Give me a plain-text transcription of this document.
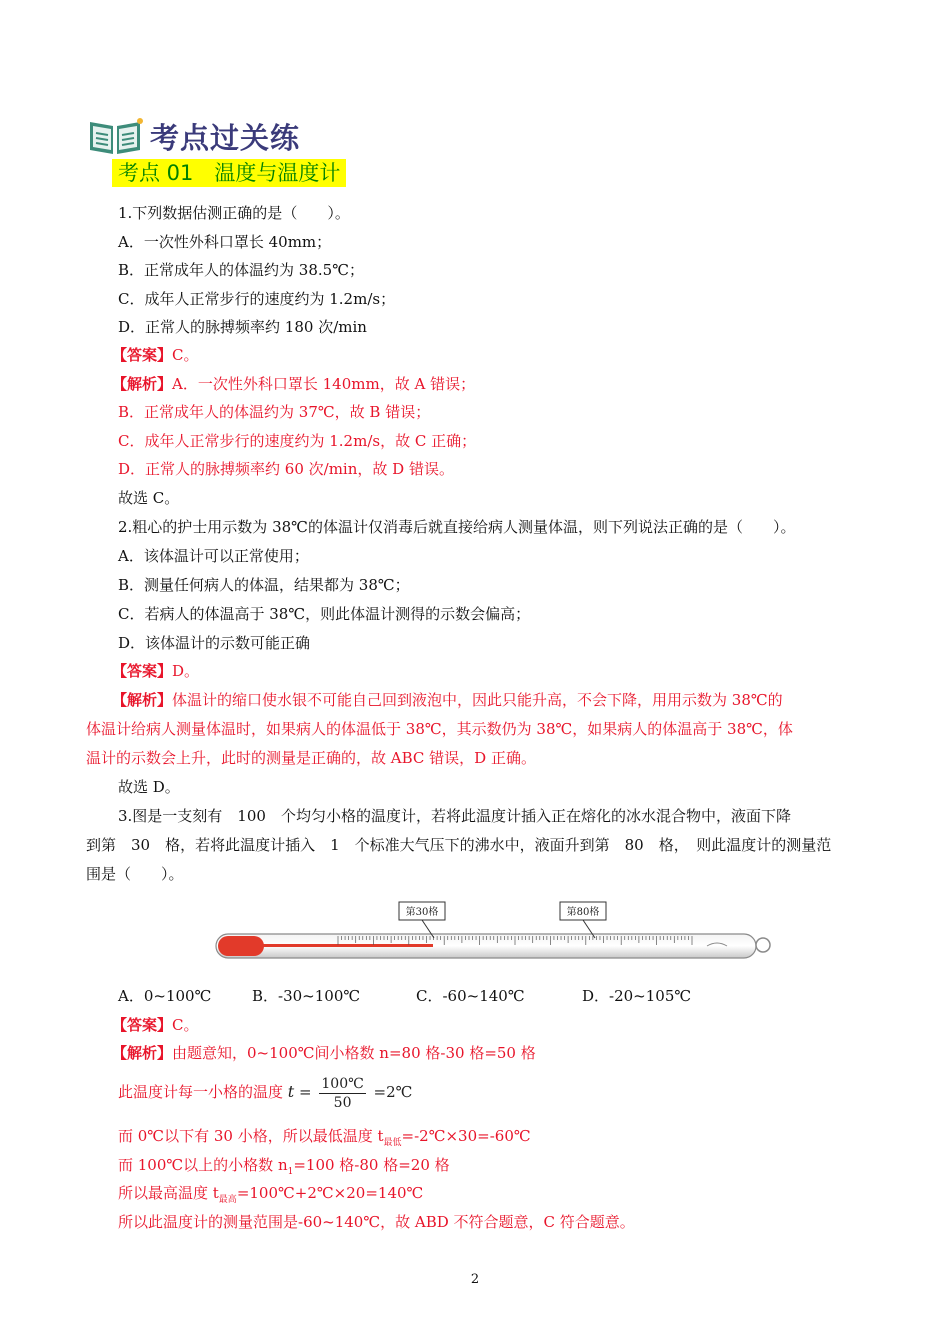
考点过关练
考点 01　温度与温度计
1.下列数据估测正确的是（　　）。
A．一次性外科口罩长 40mm；
B．正常成年人的体温约为 38.5℃；
C．成年人正常步行的速度约为 1.2m/s；
D．正常人的脉搏频率约 180 次/min
【答案】C。
【解析】A．一次性外科口罩长 140mm，故 A 错误；
B．正常成年人的体温约为 37℃，故 B 错误；
C．成年人正常步行的速度约为 1.2m/s，故 C 正确；
D．正常人的脉搏频率约 60 次/min，故 D 错误。
故选 C。
2.粗心的护士用示数为 38℃的体温计仅消毒后就直接给病人测量体温，则下列说法正确的是（　　）。
A．该体温计可以正常使用；
B．测量任何病人的体温，结果都为 38℃；
C．若病人的体温高于 38℃，则此体温计测得的示数会偏高；
D．该体温计的示数可能正确
【答案】D。
【解析】体温计的缩口使水银不可能自己回到液泡中，因此只能升高，不会下降，用用示数为 38℃的
体温计给病人测量体温时，如果病人的体温低于 38℃，其示数仍为 38℃，如果病人的体温高于 38℃，体
温计的示数会上升，此时的测量是正确的，故 ABC 错误，D 正确。
故选 D。
3.图是一支刻有　100　个均匀小格的温度计，若将此温度计插入正在熔化的冰水混合物中，液面下降
到第　30　格，若将此温度计插入　1　个标准大气压下的沸水中，液面升到第　80　格，　则此温度计的测量范
围是（　　）。
第30格	第80格
A．0~100℃	B．-30~100℃	C．-60~140℃	D．-20~105℃
【答案】C。
【解析】由题意知，0~100℃间小格数 n=80 格-30 格=50 格
此温度计每一小格的温度 $t = \frac{100℃}{50}$ =2℃
而 0℃以下有 30 小格，所以最低温度 $t_{最低}=-2℃\times 30=-60℃$
而 100℃以上的小格数 $n_1=100$ 格-80 格=20 格
所以最高温度 $t_{最高}=100℃+2℃\times 20=140℃$
所以此温度计的测量范围是-60~140℃，故 ABD 不符合题意，C 符合题意。
2
